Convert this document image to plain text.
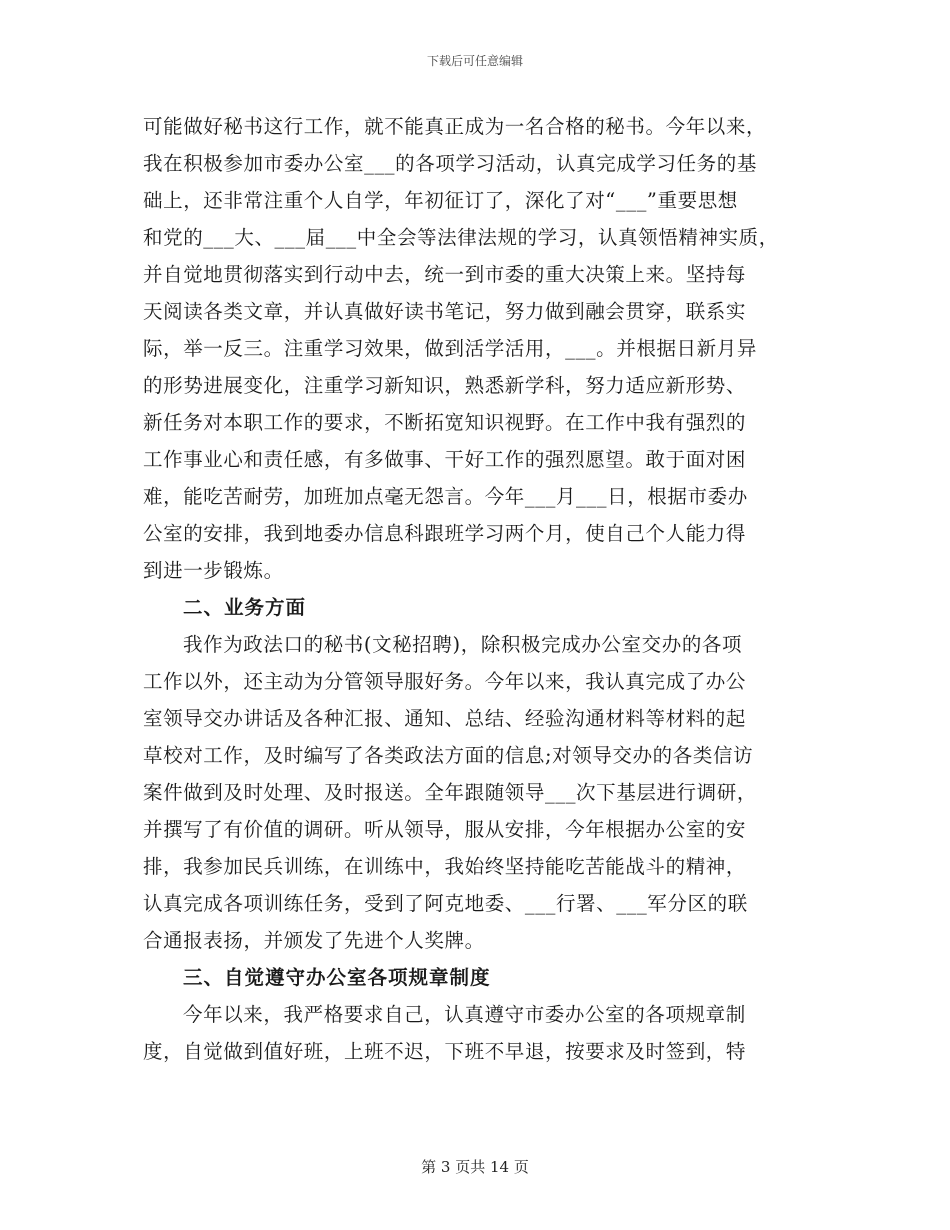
下载后可任意编辑
可能做好秘书这行工作，就不能真正成为一名合格的秘书。今年以来，
我在积极参加市委办公室___的各项学习活动，认真完成学习任务的基
础上，还非常注重个人自学，年初征订了，深化了对“___”重要思想
和党的___大、___届___中全会等法律法规的学习，认真领悟精神实质，
并自觉地贯彻落实到行动中去，统一到市委的重大决策上来。坚持每
天阅读各类文章，并认真做好读书笔记，努力做到融会贯穿，联系实
际，举一反三。注重学习效果，做到活学活用，___。并根据日新月异
的形势进展变化，注重学习新知识，熟悉新学科，努力适应新形势、
新任务对本职工作的要求，不断拓宽知识视野。在工作中我有强烈的
工作事业心和责任感，有多做事、干好工作的强烈愿望。敢于面对困
难，能吃苦耐劳，加班加点毫无怨言。今年___月___日，根据市委办
公室的安排，我到地委办信息科跟班学习两个月，使自己个人能力得
到进一步锻炼。
二、业务方面
我作为政法口的秘书(文秘招聘)，除积极完成办公室交办的各项
工作以外，还主动为分管领导服好务。今年以来，我认真完成了办公
室领导交办讲话及各种汇报、通知、总结、经验沟通材料等材料的起
草校对工作，及时编写了各类政法方面的信息;对领导交办的各类信访
案件做到及时处理、及时报送。全年跟随领导___次下基层进行调研，
并撰写了有价值的调研。听从领导，服从安排，今年根据办公室的安
排，我参加民兵训练，在训练中，我始终坚持能吃苦能战斗的精神，
认真完成各项训练任务，受到了阿克地委、___行署、___军分区的联
合通报表扬，并颁发了先进个人奖牌。
三、自觉遵守办公室各项规章制度
今年以来，我严格要求自己，认真遵守市委办公室的各项规章制
度，自觉做到值好班，上班不迟，下班不早退，按要求及时签到，特
第 3 页共 14 页
